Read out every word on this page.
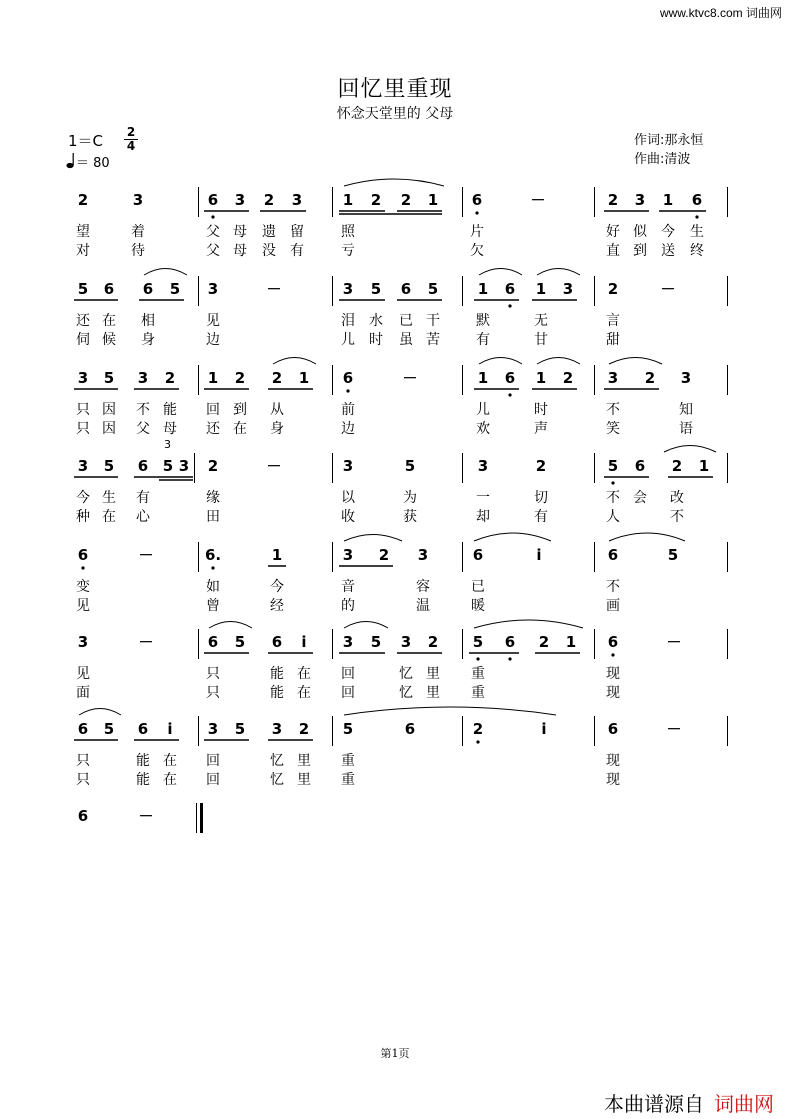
www.ktvc8.com 词曲网
回忆里重现
怀念天堂里的 父母
1＝C 2
4
＝ 80
作词:那永恒
作曲:清波
2	3	6 3 2 3	1 2 2 1 6	－	2 3 1 6
望	着	父 母 遗 留	照	片	好 似 今 生
对	待	父 母 没 有	亏	欠	直 到 送 终
5 6 6 5 3	－	3 5 6 5	1 6 1 3 2	－
还 在 相	见	泪 水 已 干	默	无	言
伺 候 身	边	儿 时 虽 苦	有	甘	甜
3 5 3 2 1 2 2 1 6	－	1 6 1 2 3 2 3
只 因 不 能 回 到 从	前	儿	时	不	知
只 因 父 母 还 在 身	边	欢	声	笑	语
3
3 5 6 5 3 2	－	3	5	3	2	5 6 2 1
今 生 有	缘	以	为	一	切	不 会 改
种 在 心	田	收	获	却	有	人	不
6	－	6.	1	3 2 3	6	i	6	5
变	如	今	音	容	已	不
见	曾	经	的	温	暖	画
3	－	6 5 6	i	3 5 3 2 5 6 2 1 6	－
见	只	能 在 回	忆 里 重	现
面	只	能 在 回	忆 里 重	现
6 5 6	i	3 5 3 2 5	6	2	i	6	－
只	能 在 回	忆 里 重	现
只	能 在 回	忆 里 重	现
6	－
第1页
本曲谱源自 词曲网
